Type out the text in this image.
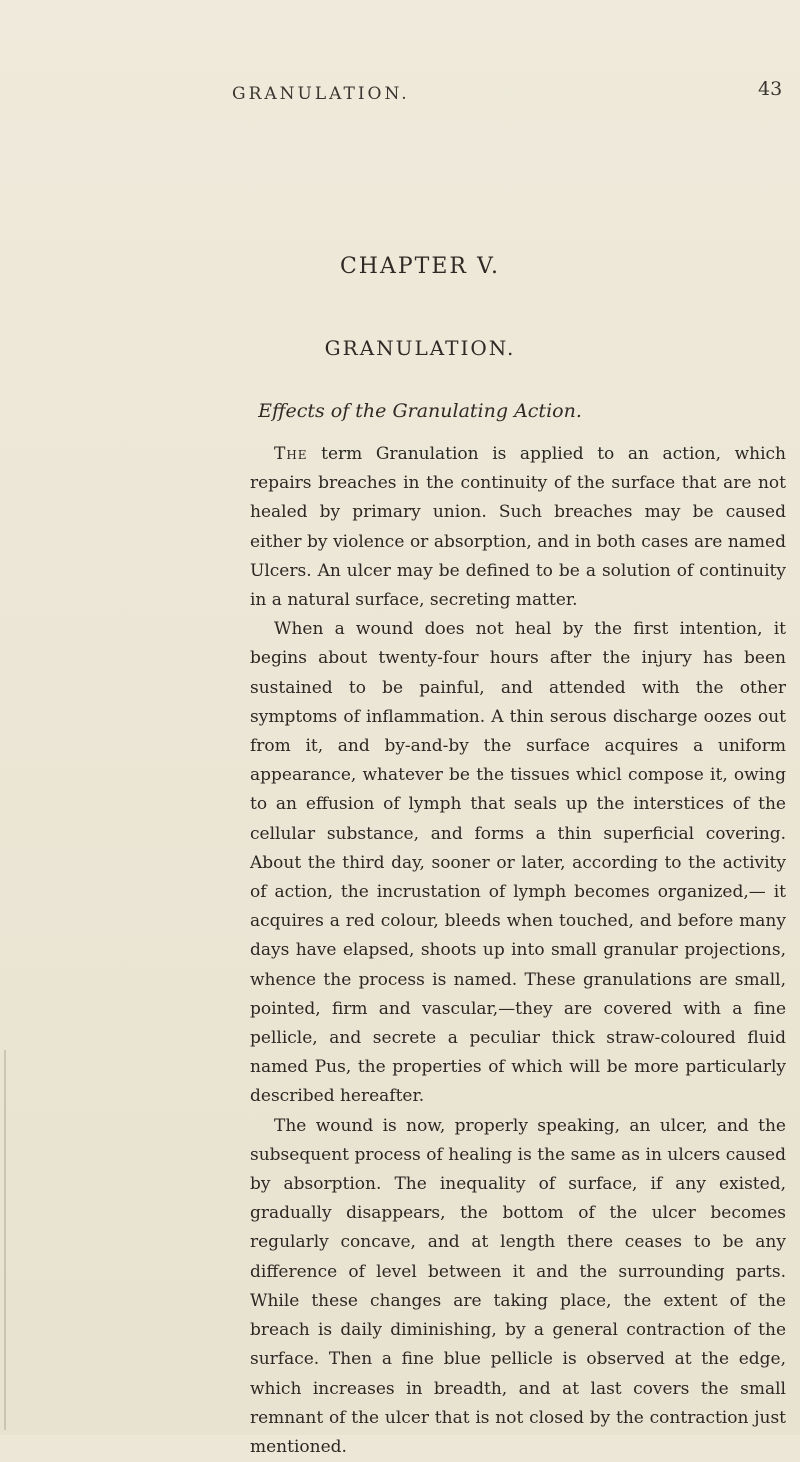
GRANULATION.	43
CHAPTER V.
GRANULATION.
Effects of the Granulating Action.

The term Granulation is applied to an action, which repairs breaches in the continuity of the surface that are not healed by primary union. Such breaches may be caused either by violence or absorption, and in both cases are named Ulcers. An ulcer may be defined to be a solution of continuity in a natural surface, secreting matter.

When a wound does not heal by the first intention, it begins about twenty-four hours after the injury has been sustained to be painful, and attended with the other symptoms of inflammation. A thin serous discharge oozes out from it, and by-and-by the surface acquires a uniform appearance, whatever be the tissues whicl compose it, owing to an effusion of lymph that seals up the interstices of the cellular substance, and forms a thin superficial covering. About the third day, sooner or later, according to the activity of action, the incrustation of lymph becomes organized,— it acquires a red colour, bleeds when touched, and before many days have elapsed, shoots up into small granular projections, whence the process is named. These granulations are small, pointed, firm and vascular,—they are covered with a fine pellicle, and secrete a peculiar thick straw-coloured fluid named Pus, the properties of which will be more particularly described hereafter.

The wound is now, properly speaking, an ulcer, and the subsequent process of healing is the same as in ulcers caused by absorption. The inequality of surface, if any existed, gradually disappears, the bottom of the ulcer becomes regularly concave, and at length there ceases to be any difference of level between it and the surrounding parts. While these changes are taking place, the extent of the breach is daily diminishing, by a general contraction of the surface. Then a fine blue pellicle is observed at the edge, which increases in breadth, and at last covers the small remnant of the ulcer that is not closed by the contraction just mentioned.
